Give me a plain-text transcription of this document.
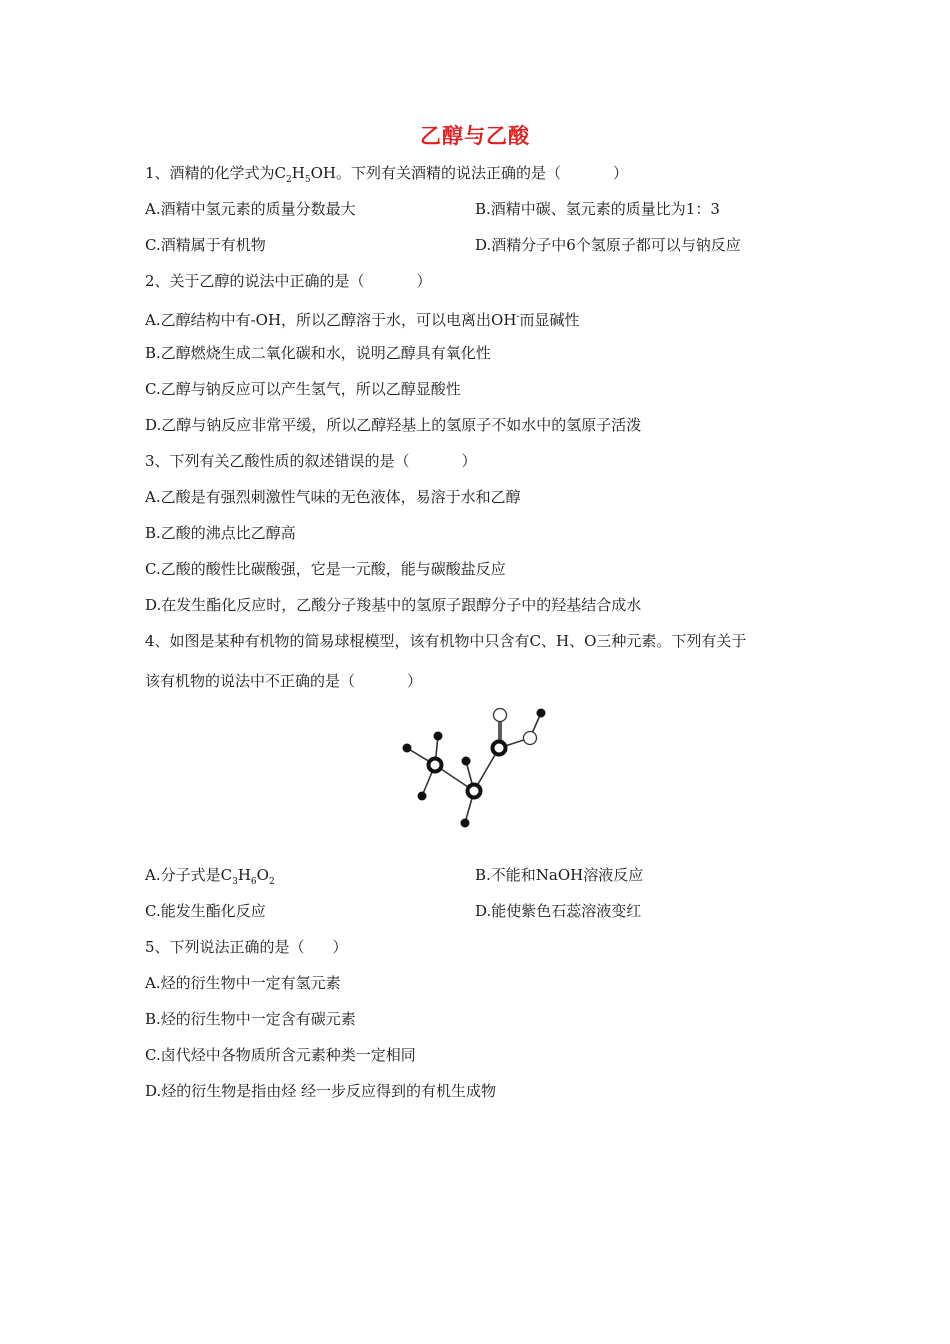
乙醇与乙酸
1、酒精的化学式为$C_2H_5OH$。下列有关酒精的说法正确的是（	）
A.酒精中氢元素的质量分数最大	B.酒精中碳、氢元素的质量比为1：3
C.酒精属于有机物	D.酒精分子中6个氢原子都可以与钠反应
2、关于乙醇的说法中正确的是（	）
A.乙醇结构中有-OH，所以乙醇溶于水，可以电离出OH-而显碱性
B.乙醇燃烧生成二氧化碳和水，说明乙醇具有氧化性
C.乙醇与钠反应可以产生氢气，所以乙醇显酸性
D.乙醇与钠反应非常平缓，所以乙醇羟基上的氢原子不如水中的氢原子活泼
3、下列有关乙酸性质的叙述错误的是（	）
A.乙酸是有强烈刺激性气味的无色液体，易溶于水和乙醇
B.乙酸的沸点比乙醇高
C.乙酸的酸性比碳酸强，它是一元酸，能与碳酸盐反应
D.在发生酯化反应时，乙酸分子羧基中的氢原子跟醇分子中的羟基结合成水
4、如图是某种有机物的简易球棍模型，该有机物中只含有C、H、O三种元素。下列有关于
该有机物的说法中不正确的是（	）
A.分子式是$C_3H_6O_2$	B.不能和NaOH溶液反应
C.能发生酯化反应	D.能使紫色石蕊溶液变红
5、下列说法正确的是（ ）
A.烃的衍生物中一定有氢元素
B.烃的衍生物中一定含有碳元素
C.卤代烃中各物质所含元素种类一定相同
D.烃的衍生物是指由烃 经一步反应得到的有机生成物
